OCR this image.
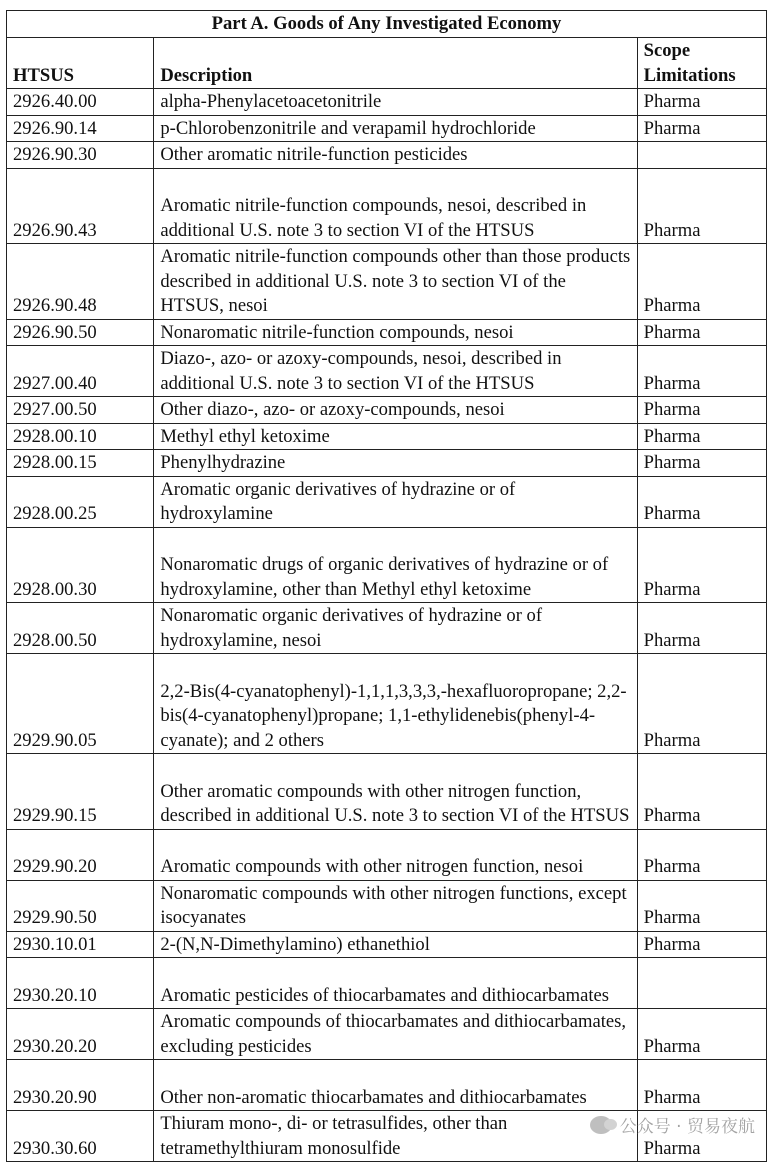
Part A. Goods of Any Investigated Economy		
HTSUS	Description	Scope
Limitations
2926.40.00	alpha-Phenylacetoacetonitrile	Pharma
2926.90.14	p-Chlorobenzonitrile and verapamil hydrochloride	Pharma
2926.90.30	Other aromatic nitrile-function pesticides	
2926.90.43	Aromatic nitrile-function compounds, nesoi, described in additional U.S. note 3 to section VI of the HTSUS	Pharma
2926.90.48	Aromatic nitrile-function compounds other than those products described in additional U.S. note 3 to section VI of the HTSUS, nesoi	Pharma
2926.90.50	Nonaromatic nitrile-function compounds, nesoi	Pharma
2927.00.40	Diazo-, azo- or azoxy-compounds, nesoi, described in additional U.S. note 3 to section VI of the HTSUS	Pharma
2927.00.50	Other diazo-, azo- or azoxy-compounds, nesoi	Pharma
2928.00.10	Methyl ethyl ketoxime	Pharma
2928.00.15	Phenylhydrazine	Pharma
2928.00.25	Aromatic organic derivatives of hydrazine or of hydroxylamine	Pharma
2928.00.30	Nonaromatic drugs of organic derivatives of hydrazine or of hydroxylamine, other than Methyl ethyl ketoxime	Pharma
2928.00.50	Nonaromatic organic derivatives of hydrazine or of hydroxylamine, nesoi	Pharma
2929.90.05	2,2-Bis(4-cyanatophenyl)-1,1,1,3,3,3,-hexafluoropropane; 2,2-bis(4-cyanatophenyl)propane; 1,1-ethylidenebis(phenyl-4-cyanate); and 2 others	Pharma
2929.90.15	Other aromatic compounds with other nitrogen function, described in additional U.S. note 3 to section VI of the HTSUS	Pharma
2929.90.20	Aromatic compounds with other nitrogen function, nesoi	Pharma
2929.90.50	Nonaromatic compounds with other nitrogen functions, except isocyanates	Pharma
2930.10.01	2-(N,N-Dimethylamino) ethanethiol	Pharma
2930.20.10	Aromatic pesticides of thiocarbamates and dithiocarbamates	
2930.20.20	Aromatic compounds of thiocarbamates and dithiocarbamates, excluding pesticides	Pharma
2930.20.90	Other non-aromatic thiocarbamates and dithiocarbamates	Pharma
2930.30.60	Thiuram mono-, di- or tetrasulfides, other than tetramethylthiuram monosulfide	Pharma
公众号 · 贸易夜航
